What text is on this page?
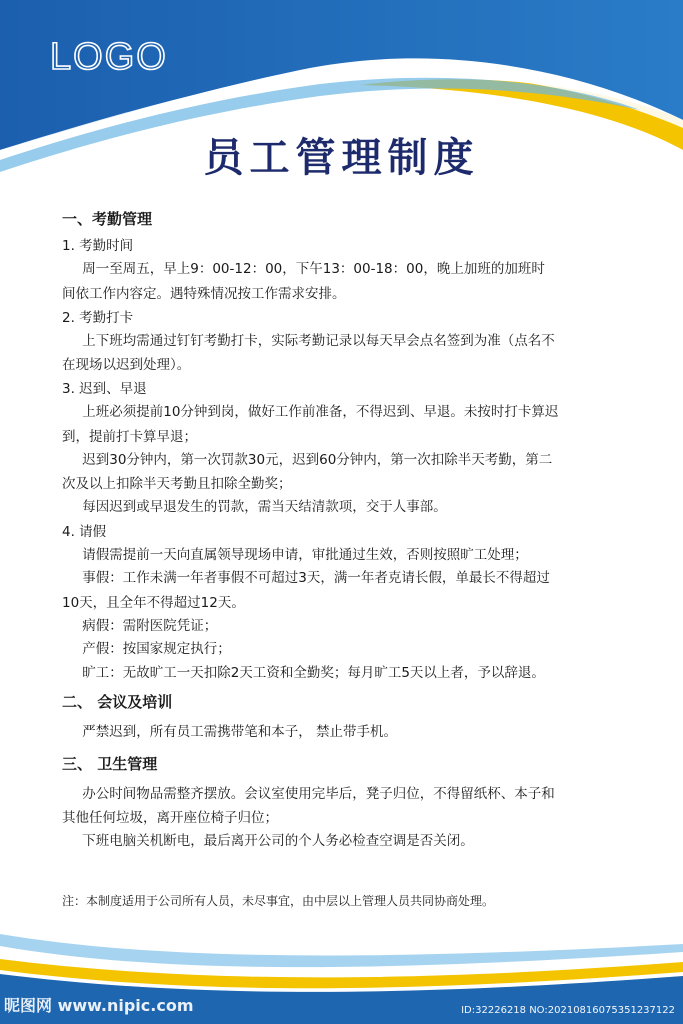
LOGO
员工管理制度

一、考勤管理

1. 考勤时间

周一至周五，早上9：00-12：00，下午13：00-18：00，晚上加班的加班时

间依工作内容定。遇特殊情况按工作需求安排。

2. 考勤打卡

上下班均需通过钉钉考勤打卡，实际考勤记录以每天早会点名签到为准（点名不

在现场以迟到处理）。

3. 迟到、早退

上班必须提前10分钟到岗，做好工作前准备，不得迟到、早退。未按时打卡算迟

到，提前打卡算早退；

迟到30分钟内，第一次罚款30元，迟到60分钟内，第一次扣除半天考勤，第二

次及以上扣除半天考勤且扣除全勤奖；

每因迟到或早退发生的罚款，需当天结清款项，交于人事部。

4. 请假

请假需提前一天向直属领导现场申请，审批通过生效，否则按照旷工处理；

事假：工作未满一年者事假不可超过3天，满一年者克请长假，单最长不得超过

10天，且全年不得超过12天。

病假：需附医院凭证；

产假：按国家规定执行；

旷工：无故旷工一天扣除2天工资和全勤奖；每月旷工5天以上者，予以辞退。

二、 会议及培训

严禁迟到，所有员工需携带笔和本子， 禁止带手机。

三、 卫生管理

办公时间物品需整齐摆放。会议室使用完毕后，凳子归位，不得留纸杯、本子和

其他任何垃圾，离开座位椅子归位；

下班电脑关机断电，最后离开公司的个人务必检查空调是否关闭。

注：本制度适用于公司所有人员，未尽事宜，由中层以上管理人员共同协商处理。
昵图网 www.nipic.com	ID:32226218 NO:20210816075351237122
